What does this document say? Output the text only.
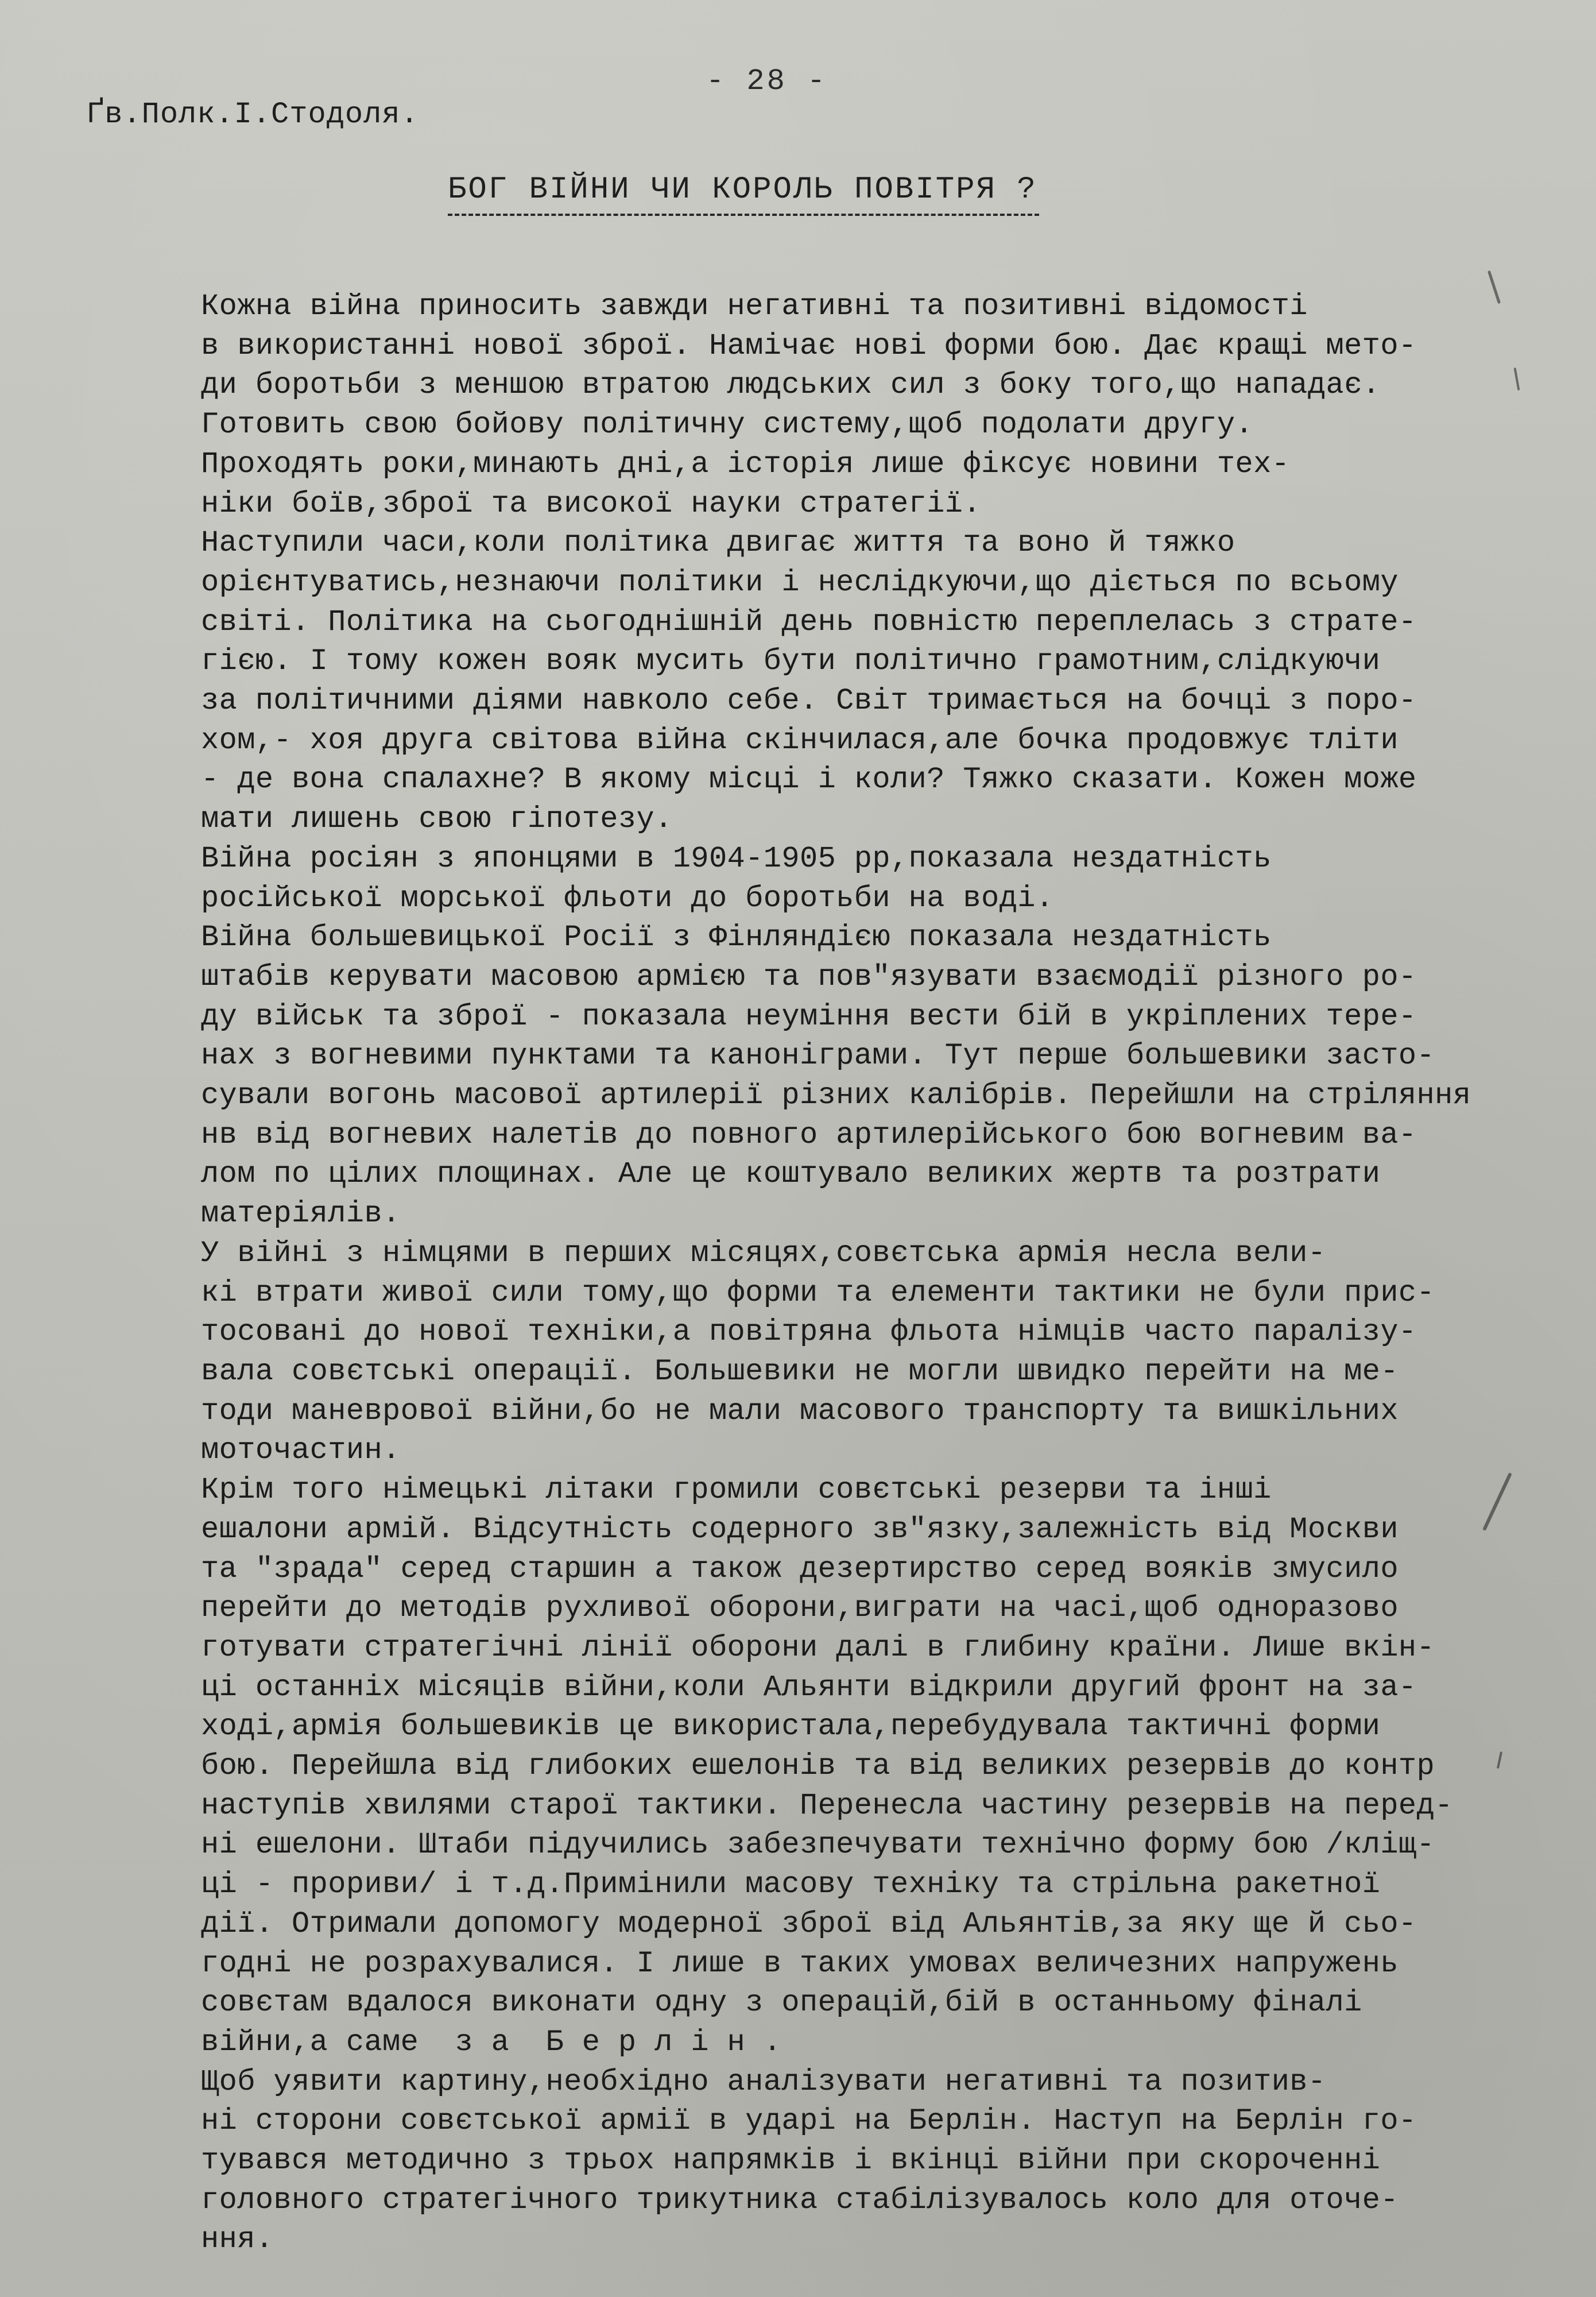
- 28 -
Ґв.Полк.І.Стодоля.
БОГ ВІЙНИ ЧИ КОРОЛЬ ПОВІТРЯ ?

Кожна війна приносить завжди негативні та позитивні відомості
в використанні нової зброї. Намічає нові форми бою. Дає кращі мето-
ди боротьби з меншою втратою людських сил з боку того,що нападає.
Готовить свою бойову політичну систему,щоб подолати другу.

Проходять роки,минають дні,а історія лише фіксує новини тех-
ніки боїв,зброї та високої науки стратегії.

Наступили часи,коли політика двигає життя та воно й тяжко
орієнтуватись,незнаючи політики і неслідкуючи,що діється по всьому
світі. Політика на сьогоднішній день повністю переплелась з страте-
гією. І тому кожен вояк мусить бути політично грамотним,слідкуючи
за політичними діями навколо себе. Світ тримається на бочці з поро-
хом,- хоя друга світова війна скінчилася,але бочка продовжує тліти
- де вона спалахне? В якому місці і коли? Тяжко сказати. Кожен може
мати лишень свою гіпотезу.

Війна росіян з японцями в 1904-1905 рр,показала нездатність
російської морської фльоти до боротьби на воді.

Війна большевицької Росії з Фінляндією показала нездатність
штабів керувати масовою армією та пов"язувати взаємодії різного ро-
ду військ та зброї - показала неуміння вести бій в укріплених тере-
нах з вогневими пунктами та каноніграми. Тут перше большевики засто-
сували вогонь масової артилерії різних калібрів. Перейшли на стріляння
нв від вогневих налетів до повного артилерійського бою вогневим ва-
лом по цілих площинах. Але це коштувало великих жертв та розтрати
матеріялів.

У війні з німцями в перших місяцях,совєтська армія несла вели-
кі втрати живої сили тому,що форми та елементи тактики не були прис-
тосовані до нової техніки,а повітряна фльота німців часто паралізу-
вала совєтські операції. Большевики не могли швидко перейти на ме-
тоди маневрової війни,бо не мали масового транспорту та вишкільних
моточастин.

Крім того німецькі літаки громили совєтські резерви та інші
ешалони армій. Відсутність содерного зв"язку,залежність від Москви
та "зрада" серед старшин а також дезертирство серед вояків змусило
перейти до методів рухливої оборони,виграти на часі,щоб одноразово
готувати стратегічні лінії оборони далі в глибину країни. Лише вкін-
ці останніх місяців війни,коли Альянти відкрили другий фронт на за-
ході,армія большевиків це використала,перебудувала тактичні форми
бою. Перейшла від глибоких ешелонів та від великих резервів до контр
наступів хвилями старої тактики. Перенесла частину резервів на перед-
ні ешелони. Штаби підучились забезпечувати технічно форму бою /кліщ-
ці - прориви/ і т.д.Примінили масову техніку та стрільна ракетної
дії. Отримали допомогу модерної зброї від Альянтів,за яку ще й сьо-
годні не розрахувалися. І лише в таких умовах величезних напружень
совєтам вдалося виконати одну з операцій,бій в останньому фіналі
війни,а саме  з а  Б е р л і н .

Щоб уявити картину,необхідно аналізувати негативні та позитив-
ні сторони совєтської армії в ударі на Берлін. Наступ на Берлін го-
тувався методично з трьох напрямків і вкінці війни при скороченні
головного стратегічного трикутника стабілізувалось коло для оточе-
ння.
